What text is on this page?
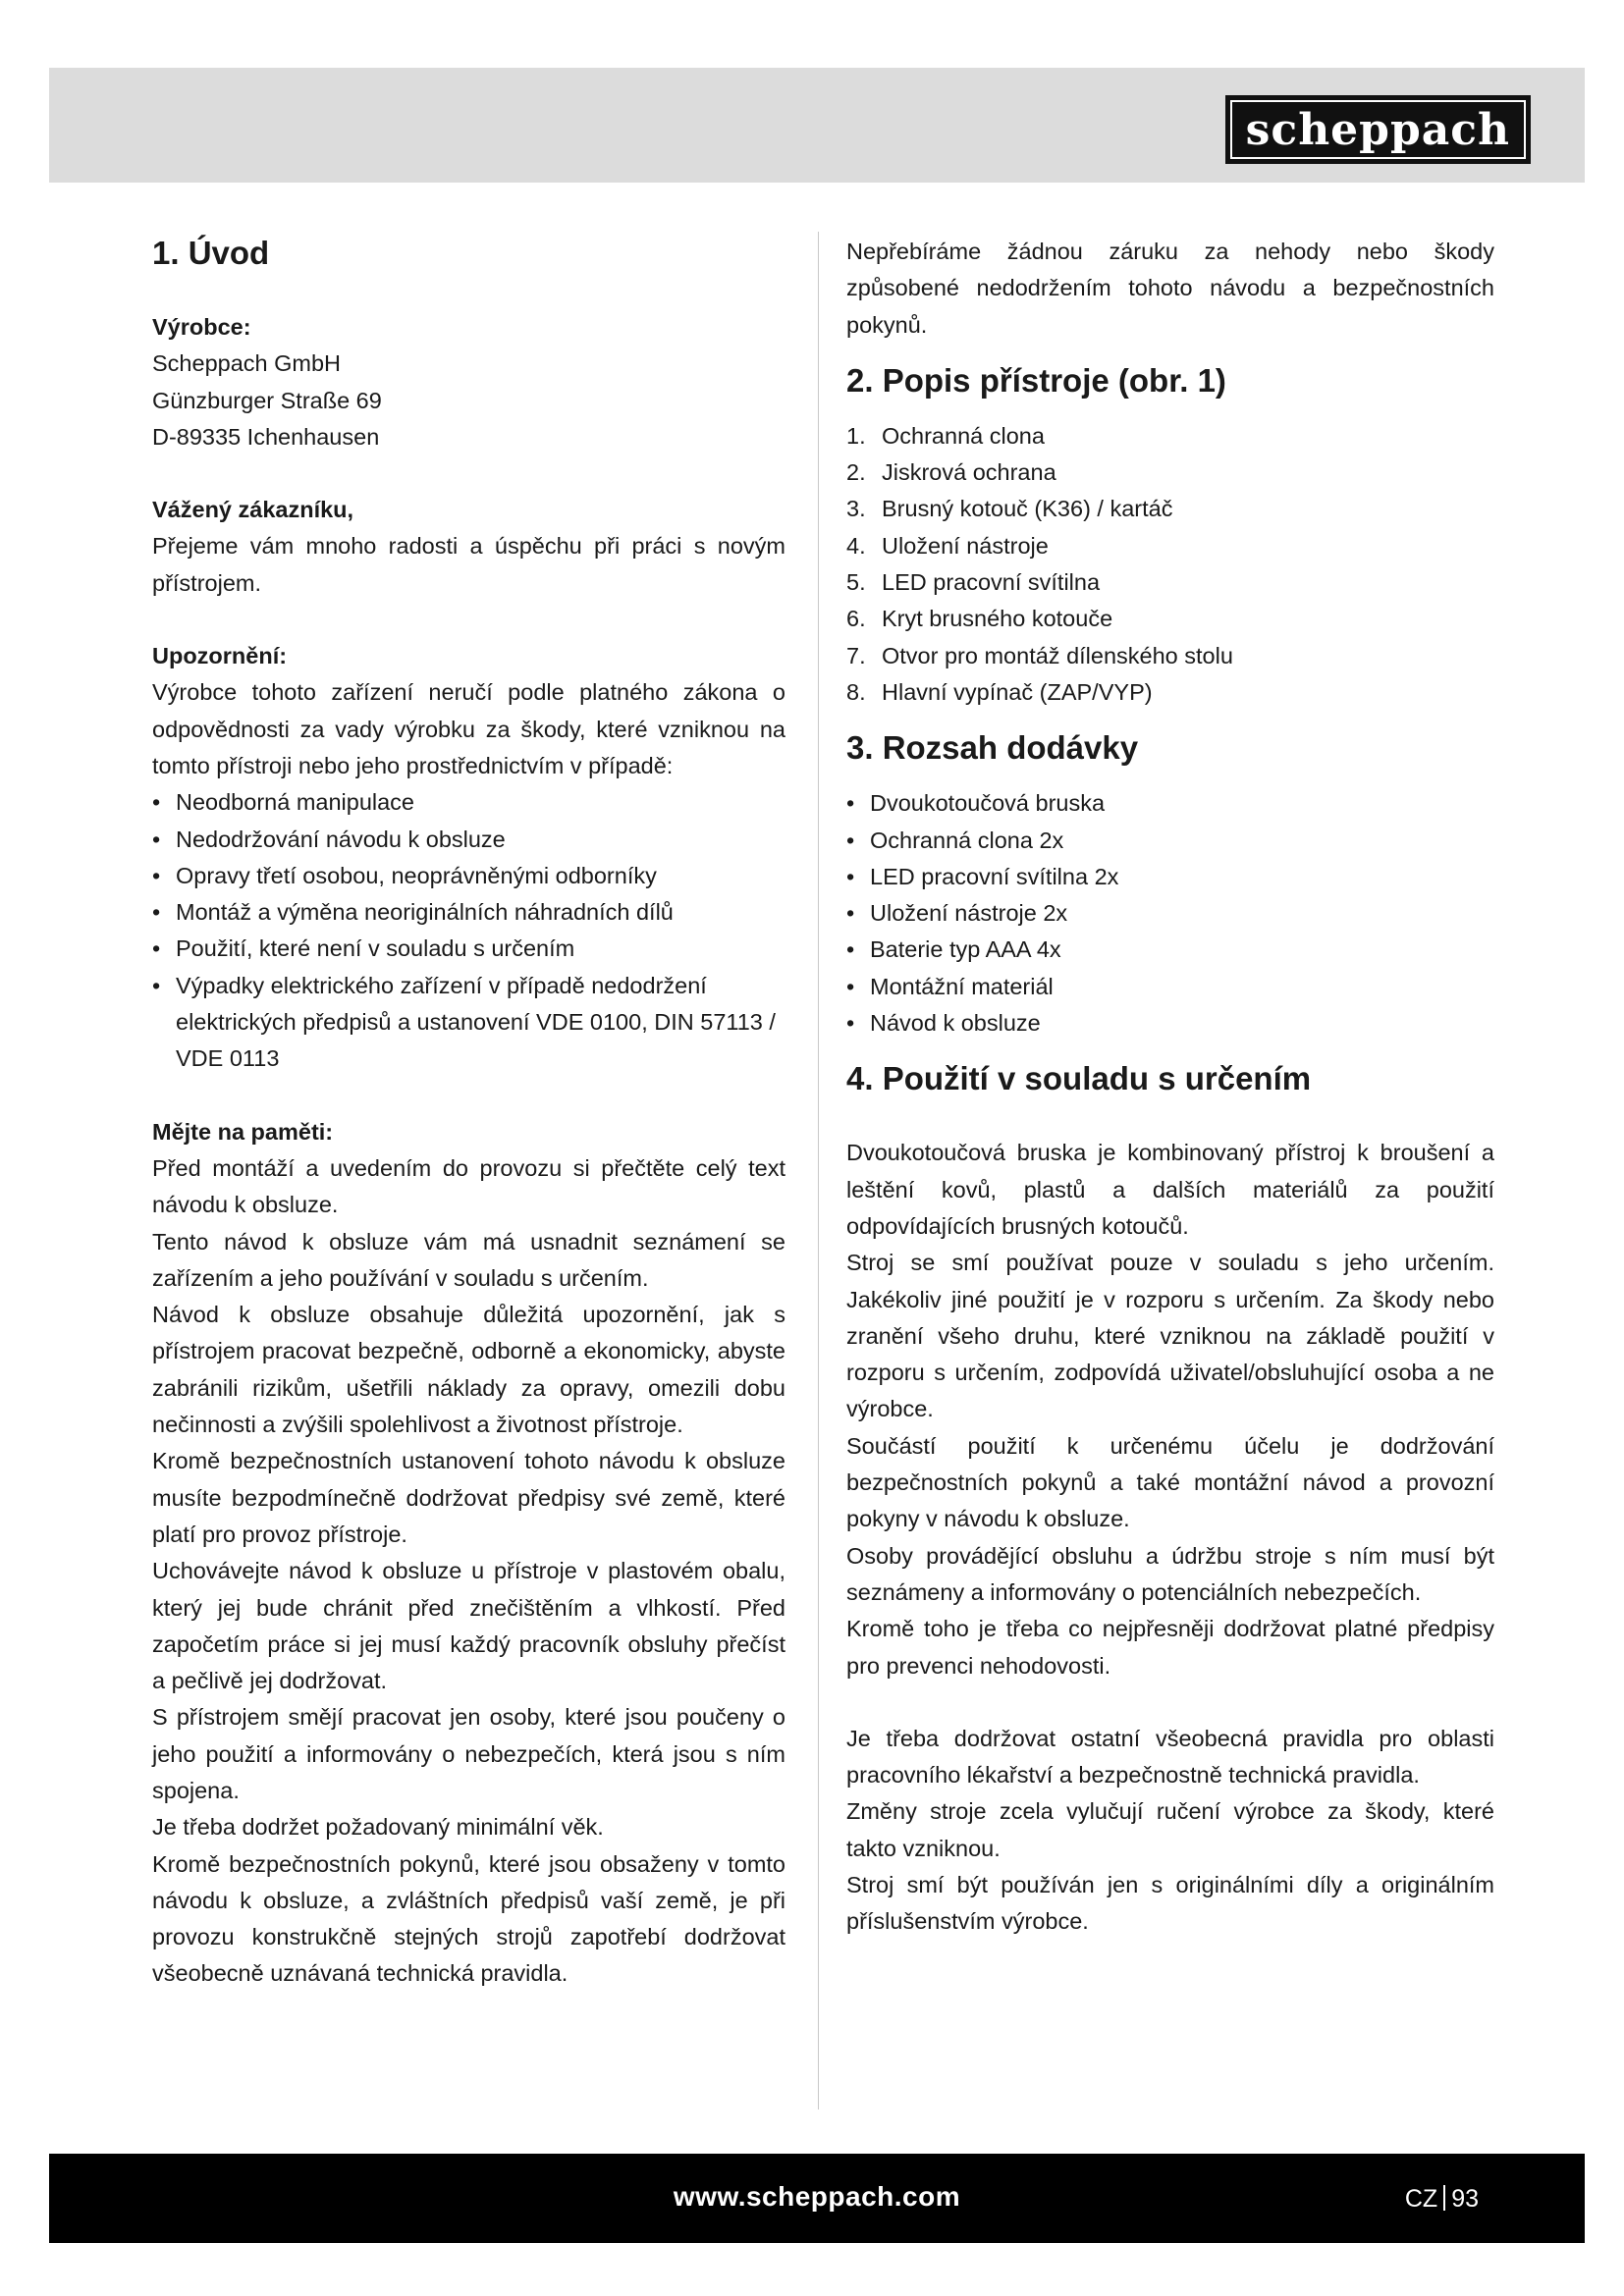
scheppach
1. Úvod

Výrobce:

Scheppach GmbH

Günzburger Straße 69

D-89335 Ichenhausen

Vážený zákazníku,

Přejeme vám mnoho radosti a úspěchu při práci s novým přístrojem.

Upozornění:

Výrobce tohoto zařízení neručí podle platného zákona o odpovědnosti za vady výrobku za škody, které vzniknou na tomto přístroji nebo jeho prostřednictvím v případě:

• Neodborná manipulace
• Nedodržování návodu k obsluze
• Opravy třetí osobou, neoprávněnými odborníky
• Montáž a výměna neoriginálních náhradních dílů
• Použití, které není v souladu s určením
• Výpadky elektrického zařízení v případě nedodržení elektrických předpisů a ustanovení VDE 0100, DIN 57113 / VDE 0113

Mějte na paměti:

Před montáží a uvedením do provozu si přečtěte celý text návodu k obsluze.

Tento návod k obsluze vám má usnadnit seznámení se zařízením a jeho používání v souladu s určením.

Návod k obsluze obsahuje důležitá upozornění, jak s přístrojem pracovat bezpečně, odborně a ekonomicky, abyste zabránili rizikům, ušetřili náklady za opravy, omezili dobu nečinnosti a zvýšili spolehlivost a životnost přístroje.

Kromě bezpečnostních ustanovení tohoto návodu k obsluze musíte bezpodmínečně dodržovat předpisy své země, které platí pro provoz přístroje.

Uchovávejte návod k obsluze u přístroje v plastovém obalu, který jej bude chránit před znečištěním a vlhkostí. Před započetím práce si jej musí každý pracovník obsluhy přečíst a pečlivě jej dodržovat.

S přístrojem smějí pracovat jen osoby, které jsou poučeny o jeho použití a informovány o nebezpečích, která jsou s ním spojena.

Je třeba dodržet požadovaný minimální věk.

Kromě bezpečnostních pokynů, které jsou obsaženy v tomto návodu k obsluze, a zvláštních předpisů vaší země, je při provozu konstrukčně stejných strojů zapotřebí dodržovat všeobecně uznávaná technická pravidla.

Nepřebíráme žádnou záruku za nehody nebo škody způsobené nedodržením tohoto návodu a bezpečnostních pokynů.

2. Popis přístroje (obr. 1)
1. Ochranná clona
2. Jiskrová ochrana
3. Brusný kotouč (K36) / kartáč
4. Uložení nástroje
5. LED pracovní svítilna
6. Kryt brusného kotouče
7. Otvor pro montáž dílenského stolu
8. Hlavní vypínač (ZAP/VYP)
3. Rozsah dodávky
• Dvoukotoučová bruska
• Ochranná clona 2x
• LED pracovní svítilna 2x
• Uložení nástroje 2x
• Baterie typ AAA 4x
• Montážní materiál
• Návod k obsluze
4. Použití v souladu s určením

Dvoukotoučová bruska je kombinovaný přístroj k broušení a leštění kovů, plastů a dalších materiálů za použití odpovídajících brusných kotoučů.

Stroj se smí používat pouze v souladu s jeho určením. Jakékoliv jiné použití je v rozporu s určením. Za škody nebo zranění všeho druhu, které vzniknou na základě použití v rozporu s určením, zodpovídá uživatel/obsluhující osoba a ne výrobce.

Součástí použití k určenému účelu je dodržování bezpečnostních pokynů a také montážní návod a provozní pokyny v návodu k obsluze.

Osoby provádějící obsluhu a údržbu stroje s ním musí být seznámeny a informovány o potenciálních nebezpečích.

Kromě toho je třeba co nejpřesněji dodržovat platné předpisy pro prevenci nehodovosti.

Je třeba dodržovat ostatní všeobecná pravidla pro oblasti pracovního lékařství a bezpečnostně technická pravidla.

Změny stroje zcela vylučují ručení výrobce za škody, které takto vzniknou.

Stroj smí být používán jen s originálními díly a originálním příslušenstvím výrobce.

www.scheppach.com	CZ 93
